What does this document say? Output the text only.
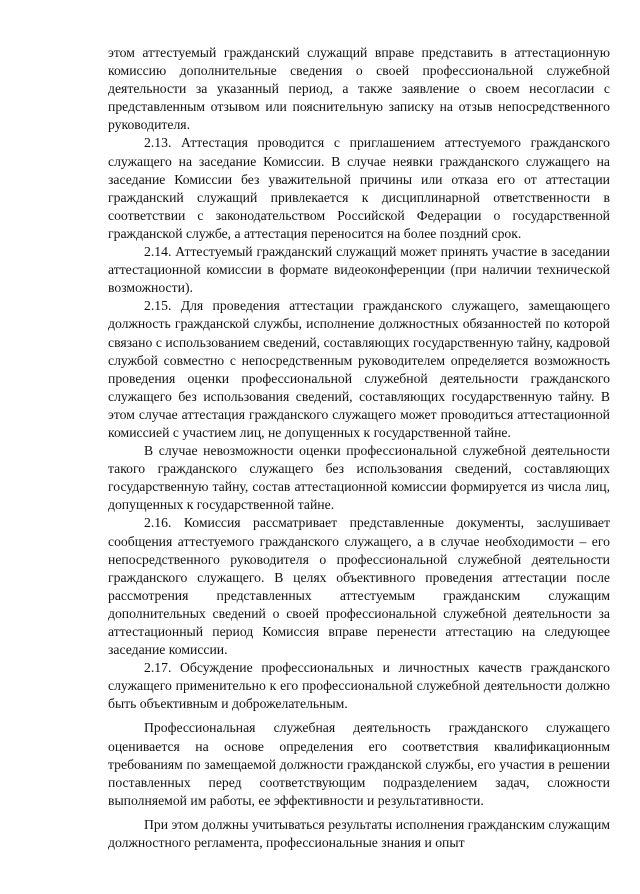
этом аттестуемый гражданский служащий вправе представить в аттестационную комиссию дополнительные сведения о своей профессиональной служебной деятельности за указанный период, а также заявление о своем несогласии с представленным отзывом или пояснительную записку на отзыв непосредственного руководителя.

2.13. Аттестация проводится с приглашением аттестуемого гражданского служащего на заседание Комиссии. В случае неявки гражданского служащего на заседание Комиссии без уважительной причины или отказа его от аттестации гражданский служащий привлекается к дисциплинарной ответственности в соответствии с законодательством Российской Федерации о государственной гражданской службе, а аттестация переносится на более поздний срок.

2.14. Аттестуемый гражданский служащий может принять участие в заседании аттестационной комиссии в формате видеоконференции (при наличии технической возможности).

2.15. Для проведения аттестации гражданского служащего, замещающего должность гражданской службы, исполнение должностных обязанностей по которой связано с использованием сведений, составляющих государственную тайну, кадровой службой совместно с непосредственным руководителем определяется возможность проведения оценки профессиональной служебной деятельности гражданского служащего без использования сведений, составляющих государственную тайну. В этом случае аттестация гражданского служащего может проводиться аттестационной комиссией с участием лиц, не допущенных к государственной тайне.

В случае невозможности оценки профессиональной служебной деятельности такого гражданского служащего без использования сведений, составляющих государственную тайну, состав аттестационной комиссии формируется из числа лиц, допущенных к государственной тайне.

2.16. Комиссия рассматривает представленные документы, заслушивает сообщения аттестуемого гражданского служащего, а в случае необходимости – его непосредственного руководителя о профессиональной служебной деятельности гражданского служащего. В целях объективного проведения аттестации после рассмотрения представленных аттестуемым гражданским служащим дополнительных сведений о своей профессиональной служебной деятельности за аттестационный период Комиссия вправе перенести аттестацию на следующее заседание комиссии.

2.17. Обсуждение профессиональных и личностных качеств гражданского служащего применительно к его профессиональной служебной деятельности должно быть объективным и доброжелательным.

Профессиональная служебная деятельность гражданского служащего оценивается на основе определения его соответствия квалификационным требованиям по замещаемой должности гражданской службы, его участия в решении поставленных перед соответствующим подразделением задач, сложности выполняемой им работы, ее эффективности и результативности.

При этом должны учитываться результаты исполнения гражданским служащим должностного регламента, профессиональные знания и опыт
